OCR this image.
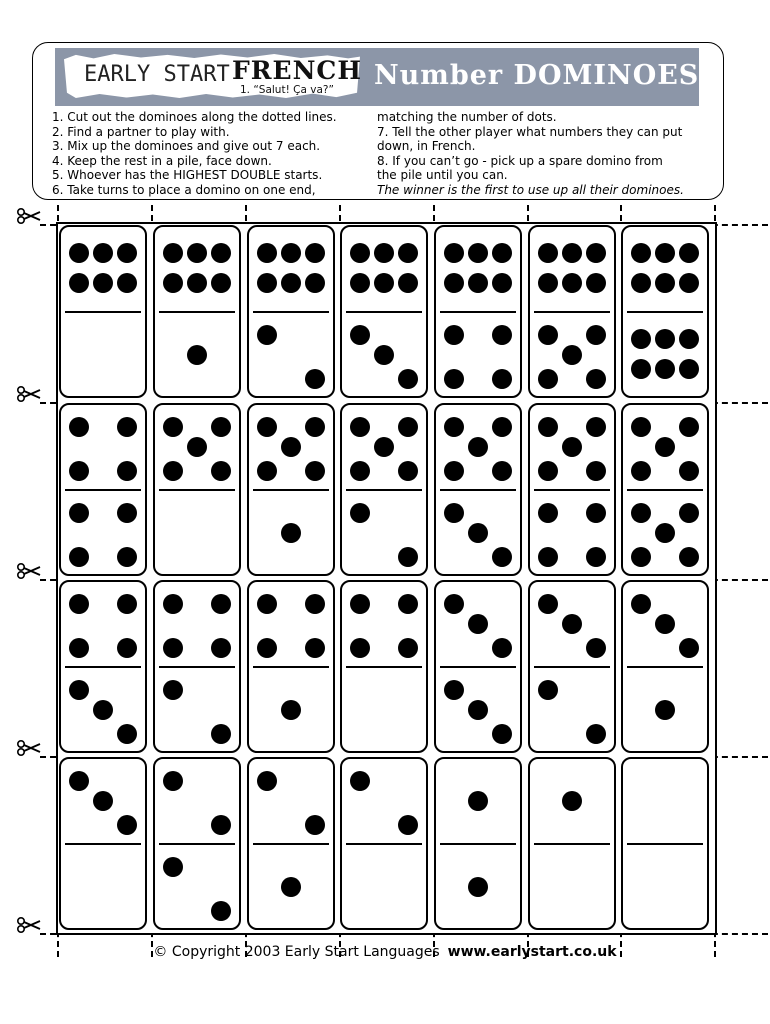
EARLY START FRENCH
1. “Salut! Ça va?” Number DOMINOES

1. Cut out the dominoes along the dotted lines.

2. Find a partner to play with.

3. Mix up the dominoes and give out 7 each.

4. Keep the rest in a pile, face down.

5. Whoever has the HIGHEST DOUBLE starts.

6. Take turns to place a domino on one end,

matching the number of dots.

7. Tell the other player what numbers they can put

down, in French.

8. If you can’t go - pick up a spare domino from

the pile until you can.

The winner is the first to use up all their dominoes.

© Copyright 2003 Early Start Languages www.earlystart.co.uk
